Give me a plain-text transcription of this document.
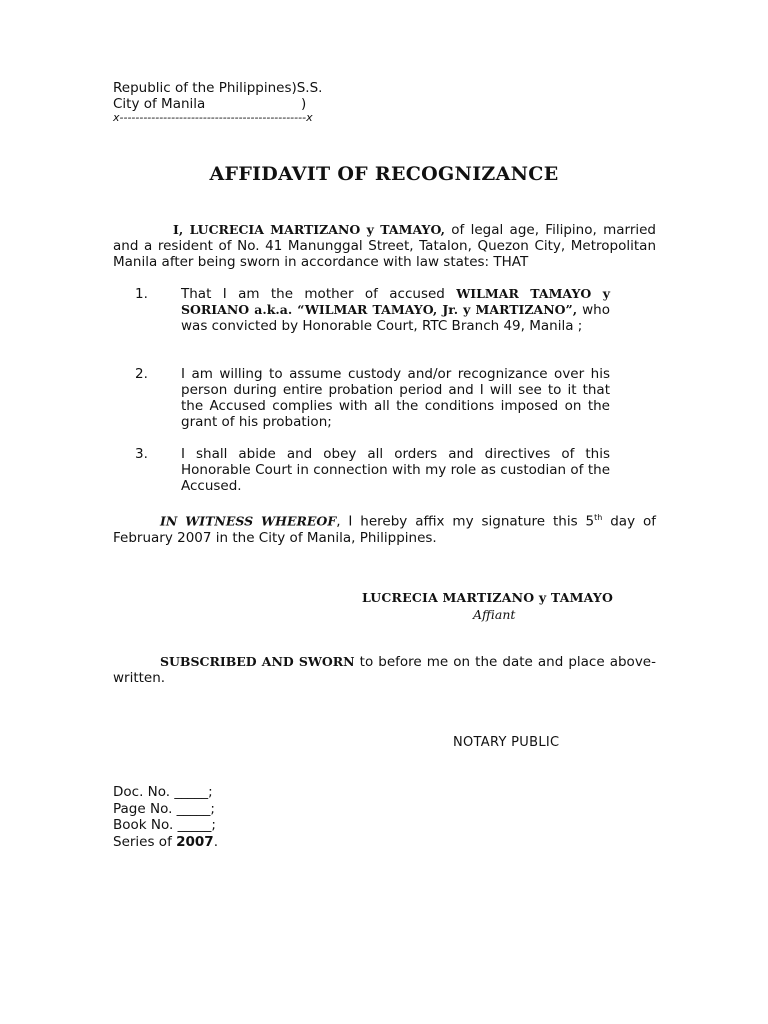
Republic of the Philippines)S.S.
City of Manila	)
x-----------------------------------------------x
AFFIDAVIT OF RECOGNIZANCE
I, LUCRECIA MARTIZANO y TAMAYO, of legal age, Filipino, married and a resident of No. 41 Manunggal Street, Tatalon, Quezon City, Metropolitan Manila after being sworn in accordance with law states: THAT
1. That I am the mother of accused WILMAR TAMAYO y SORIANO a.k.a. “WILMAR TAMAYO, Jr. y MARTIZANO”, who was convicted by Honorable Court, RTC Branch 49, Manila ;
2. I am willing to assume custody and/or recognizance over his person during entire probation period and I will see to it that the Accused complies with all the conditions imposed on the grant of his probation;
3. I shall abide and obey all orders and directives of this Honorable Court in connection with my role as custodian of the Accused.
IN WITNESS WHEREOF, I hereby affix my signature this 5th day of February 2007 in the City of Manila, Philippines.
LUCRECIA MARTIZANO y TAMAYO
Affiant
SUBSCRIBED AND SWORN to before me on the date and place above-written.
NOTARY PUBLIC
Doc. No. _____;
Page No. _____;
Book No. _____;
Series of 2007.
